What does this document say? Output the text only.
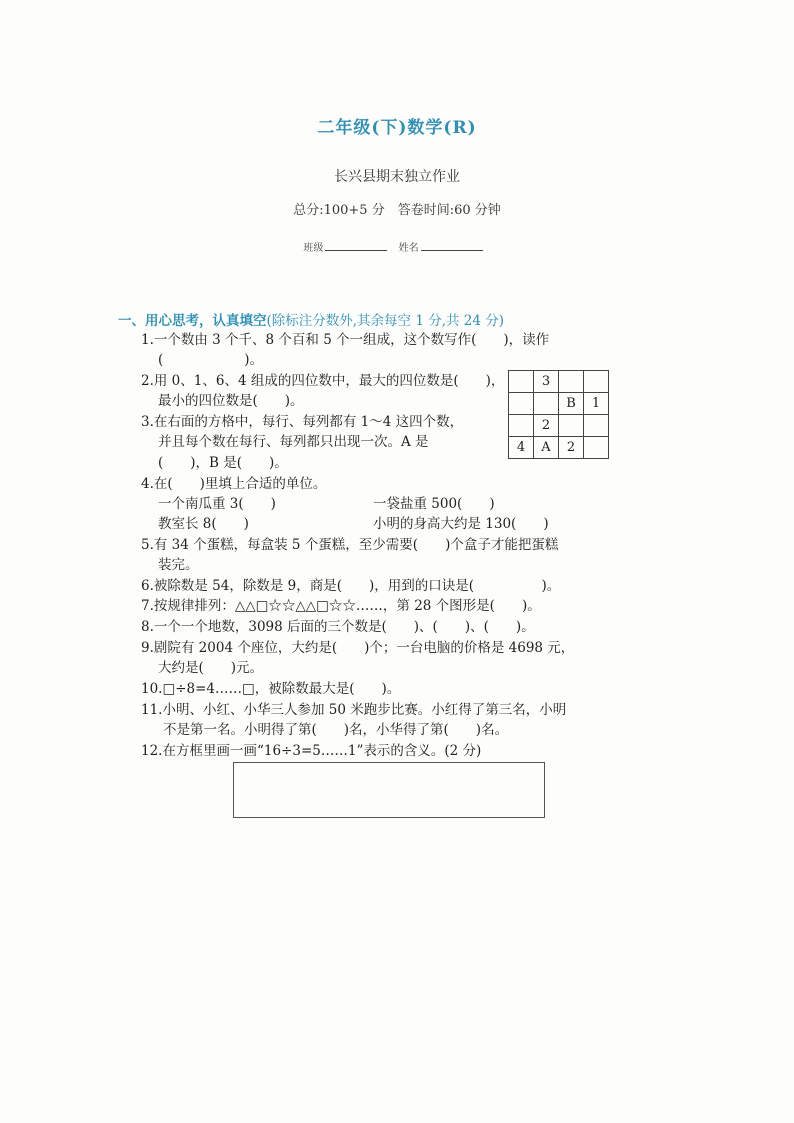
二年级(下)数学(R)
长兴县期末独立作业
总分:100+5 分　答卷时间:60 分钟
班级	姓名
一、用心思考，认真填空(除标注分数外,其余每空 1 分,共 24 分)
1.一个数由 3 个千、8 个百和 5 个一组成，这个数写作(　　)，读作
(　　　　　　)。
2.用 0、1、6、4 组成的四位数中，最大的四位数是(　　)，
最小的四位数是(　　)。
3.在右面的方格中，每行、每列都有 1～4 这四个数，
并且每个数在每行、每列都只出现一次。A 是
(　　)，B 是(　　)。
	3		
		B	1
	2		
4	A	2	
4.在(　　)里填上合适的单位。
一个南瓜重 3(　　)	一袋盐重 500(　　)
教室长 8(　　)	小明的身高大约是 130(　　)
5.有 34 个蛋糕，每盒装 5 个蛋糕，至少需要(　　)个盒子才能把蛋糕
装完。
6.被除数是 54，除数是 9，商是(　　)，用到的口诀是(　　　　　)。
7.按规律排列：△△□☆☆△△□☆☆……，第 28 个图形是(　　)。
8.一个一个地数，3098 后面的三个数是(　　)、(　　)、(　　)。
9.剧院有 2004 个座位，大约是(　　)个；一台电脑的价格是 4698 元，
大约是(　　)元。
10.□÷8=4……□，被除数最大是(　　)。
11.小明、小红、小华三人参加 50 米跑步比赛。小红得了第三名，小明
不是第一名。小明得了第(　　)名，小华得了第(　　)名。
12.在方框里画一画“16÷3=5……1”表示的含义。(2 分)
